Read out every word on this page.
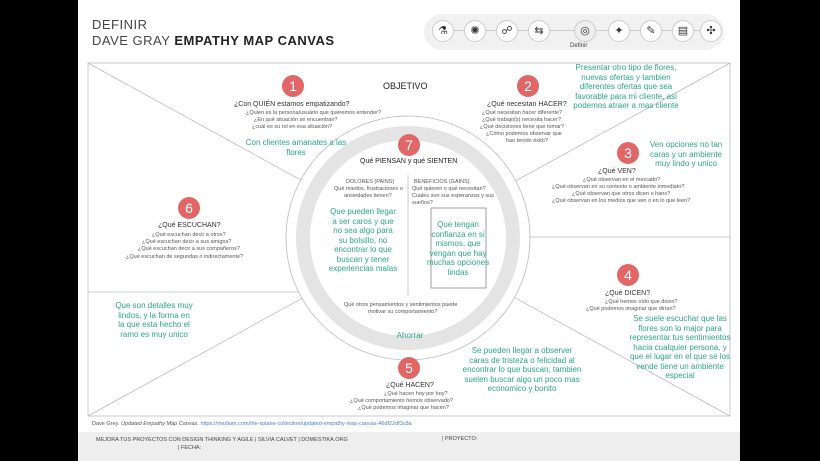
DEFINIR
DAVE GRAY EMPATHY MAP CANVAS
⚗	✺	☍	⇆	◎	✦	✎	▤	✣
Definir
OBJETIVO
1
¿Con QUIÉN estamos empatizando?
¿Quien es la persona/usuario que queremos entender?
¿En qué situación se encuentran?
¿cuál es su rol en esa situación?
Con clientes amanates a las flores
2
¿Qué necesitan HACER?
¿Qué necesitan hacer diferente?
¿Qué trabajo(s) necesita hacer?
¿Qué decisiones tiene que tomar?
¿Cómo podemos observar que
han tenido éxito?
Presentar otro tipo de flores, nuevas ofertas y tambien diferentes ofertas que sea favorable para mi cliente, asi podemos atraer a mas cliente
3
Ven opciones no tan caras y un ambiente muy lindo y unico
¿Qué VEN?
¿Qué observan en el mercado?
¿Qué observan en su contexto o ambiente inmediato?
¿Qué observan que otros dicen o hans?
¿Qué observan en los medios que ven o en lo que leen?
4
¿Qué DICEN?
¿Qué hemos oído que dicen?
¿Qué podemos imaginar que dirían?
Se suele escuchar que las flores son lo major para representar tus sentimientos hacia cualquier persona, y que el lugar en el que se los vende tiene un ambiente especial
5
¿Qué HACEN?
¿Qué hacen hoy por hoy?
¿Qué comportamiento hemos observado?
¿Qué podemos imaginar que hacen?
Ahorrar
Se pueden llegar a observer caras de tristeza o felicidad al encontrar lo que buscan, tambien suelen buscar algo un poco mas economico y bonito
6
¿Qué ESCUCHAN?
¿Qué escuchan decir a otros?
¿Qué escuchan decir a sus amigos?
¿Qué escuchan decir a sus compañeros?
¿Qué escuchan de segundas o indirectamente?
Que son detalles muy lindos, y la forma en la que esta hecho el ramo es muy unico
7
Qué PIENSAN y qué SIENTEN
DOLORES (PAINS)
Qué miedos, frustraciones o
ansiedades tienen?
BENEFICIOS (GAINS)
Qué quieren o qué necesitan?
Cuales son sus esperanzas y sus
sueños?
Que pueden llegar a ser caros y que no sea algo para su bolsillo, no encontrar lo que buscan y tener experiencias malas
Que tengan confianza en si mismos, que vengan que hay muchas opciones lindas
Qué otros pensamientos y sentimientos puede
motivar su comportamiento?
Dave Grey. Updated Empathy Map Canvas. https://medium.com/the-xplane-collection/updated-empathy-map-canvas-46df22df3c8a
MEJORA TUS PROYECTOS CON DESIGN THINKING Y AGILE | SILVIA CALVET | DOMESTIKA.ORG
| FECHA:
| PROYECTO:
